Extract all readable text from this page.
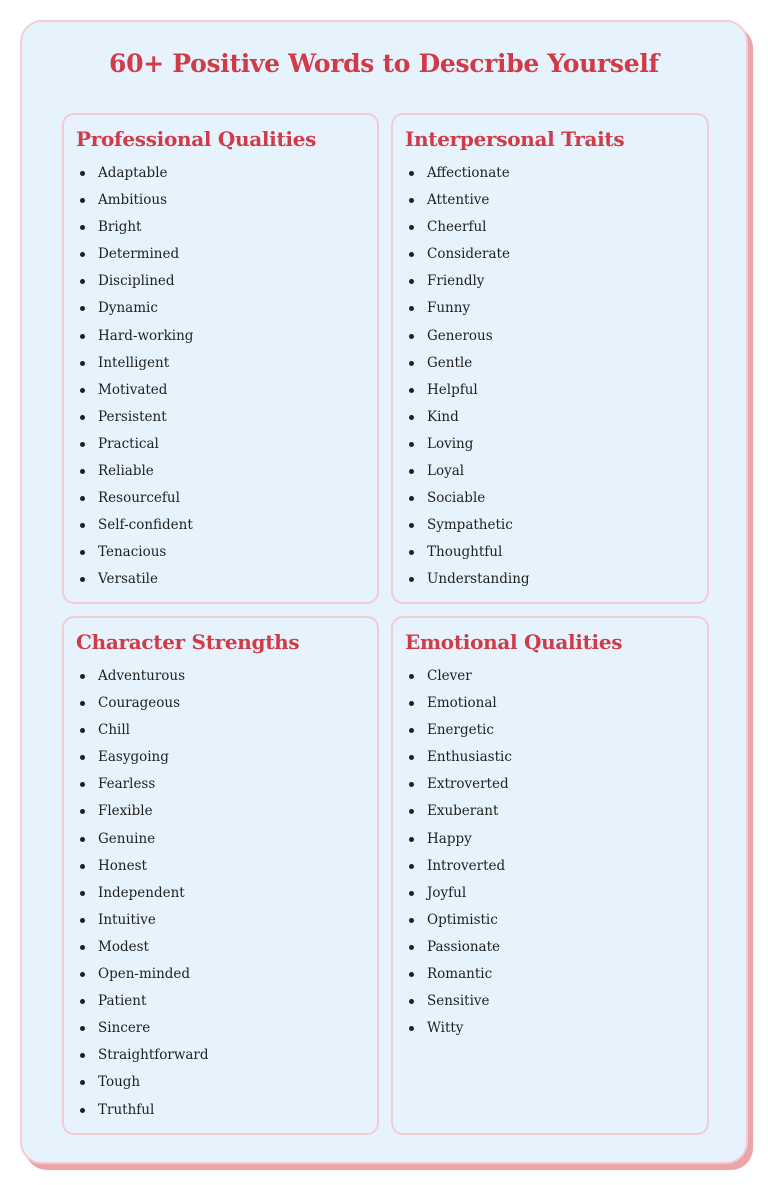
60+ Positive Words to Describe Yourself
Professional Qualities
Adaptable
Ambitious
Bright
Determined
Disciplined
Dynamic
Hard-working
Intelligent
Motivated
Persistent
Practical
Reliable
Resourceful
Self-confident
Tenacious
Versatile
Interpersonal Traits
Affectionate
Attentive
Cheerful
Considerate
Friendly
Funny
Generous
Gentle
Helpful
Kind
Loving
Loyal
Sociable
Sympathetic
Thoughtful
Understanding
Character Strengths
Adventurous
Courageous
Chill
Easygoing
Fearless
Flexible
Genuine
Honest
Independent
Intuitive
Modest
Open-minded
Patient
Sincere
Straightforward
Tough
Truthful
Emotional Qualities
Clever
Emotional
Energetic
Enthusiastic
Extroverted
Exuberant
Happy
Introverted
Joyful
Optimistic
Passionate
Romantic
Sensitive
Witty
